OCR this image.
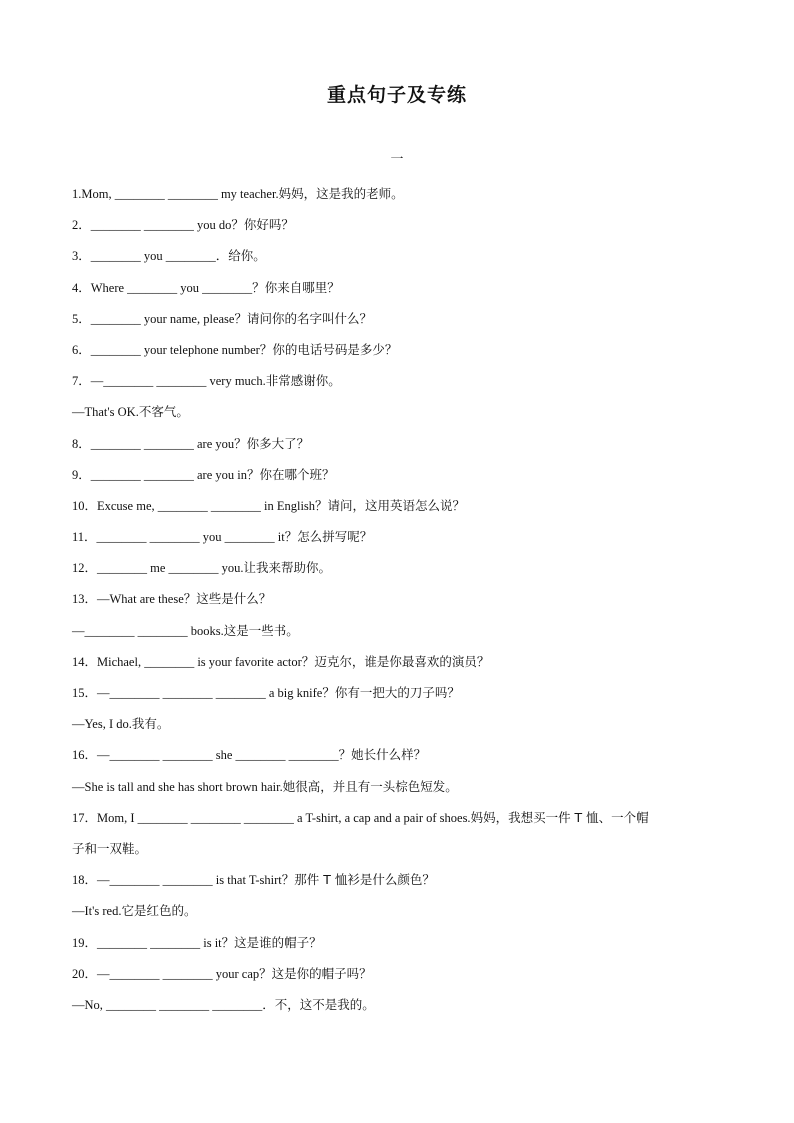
重点句子及专练
一
1.Mom, ________ ________ my teacher.妈妈，这是我的老师。
2．________ ________ you do？你好吗？
3．________ you ________．给你。
4．Where ________ you ________？你来自哪里？
5．________ your name, please？请问你的名字叫什么？
6．________ your telephone number？你的电话号码是多少？
7．—________ ________ very much.非常感谢你。
—That's OK.不客气。
8．________ ________ are you？你多大了？
9．________ ________ are you in？你在哪个班？
10．Excuse me, ________ ________ in English？请问，这用英语怎么说？
11．________ ________ you ________ it？怎么拼写呢？
12．________ me ________ you.让我来帮助你。
13．—What are these？这些是什么？
—________ ________ books.这是一些书。
14．Michael, ________ is your favorite actor？迈克尔，谁是你最喜欢的演员？
15．—________ ________ ________ a big knife？你有一把大的刀子吗？
—Yes, I do.我有。
16．—________ ________ she ________ ________？她长什么样？
—She is tall and she has short brown hair.她很高，并且有一头棕色短发。
17．Mom, I ________ ________ ________ a T-shirt, a cap and a pair of shoes.妈妈，我想买一件 T 恤、一个帽
子和一双鞋。
18．—________ ________ is that T-shirt？那件 T 恤衫是什么颜色？
—It's red.它是红色的。
19．________ ________ is it？这是谁的帽子？
20．—________ ________ your cap？这是你的帽子吗？
—No, ________ ________ ________．不，这不是我的。
